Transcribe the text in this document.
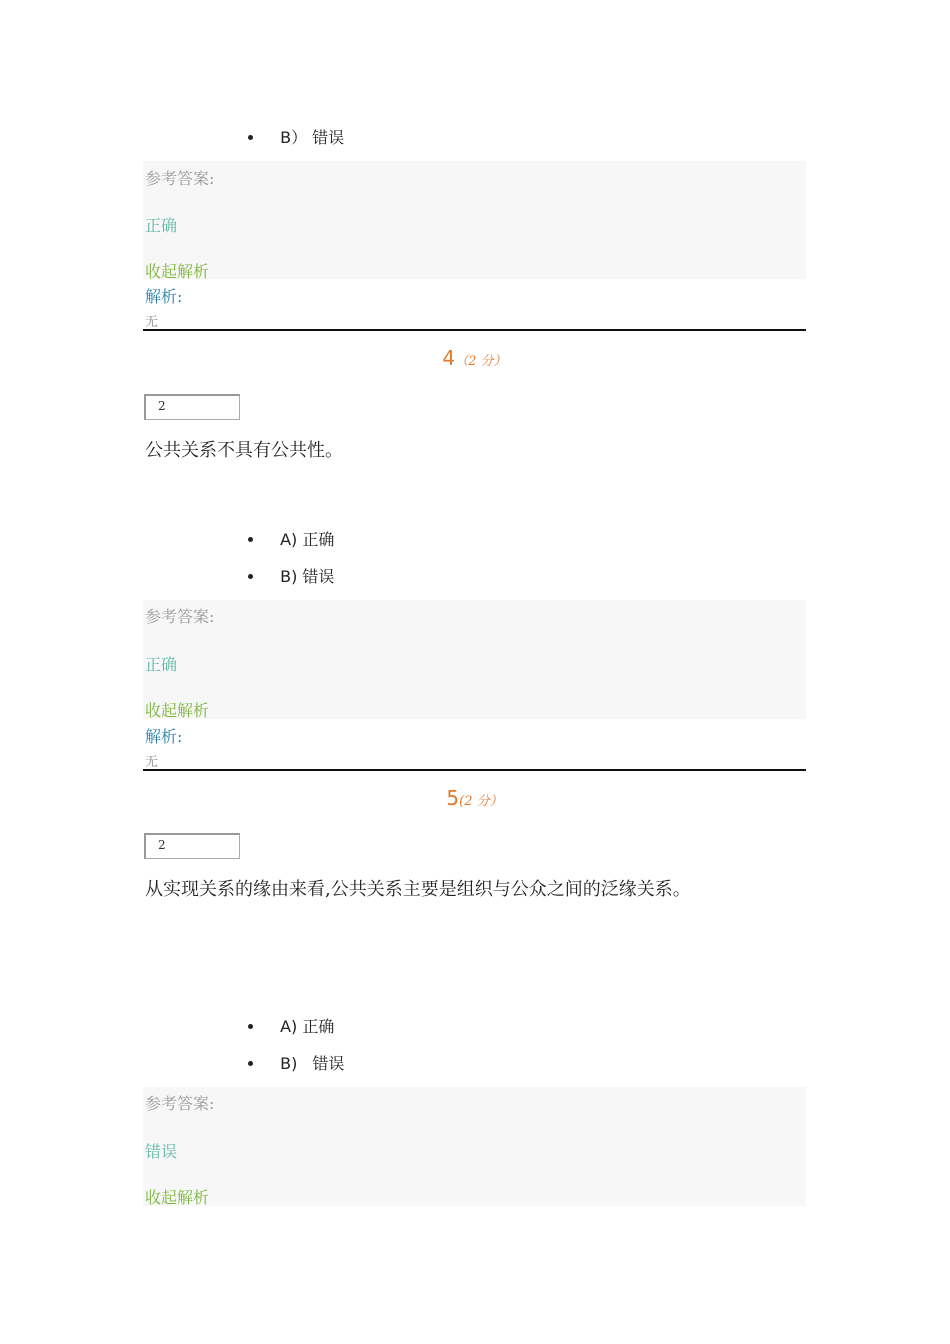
B） 错误
参考答案:
正确
收起解析
解析:
无
4（2 分）
2
公共关系不具有公共性。
A) 正确
B) 错误
参考答案:
正确
收起解析
解析:
无
5(2 分）
2
从实现关系的缘由来看,公共关系主要是组织与公众之间的泛缘关系。
A) 正确
B) 错误
参考答案:
错误
收起解析
